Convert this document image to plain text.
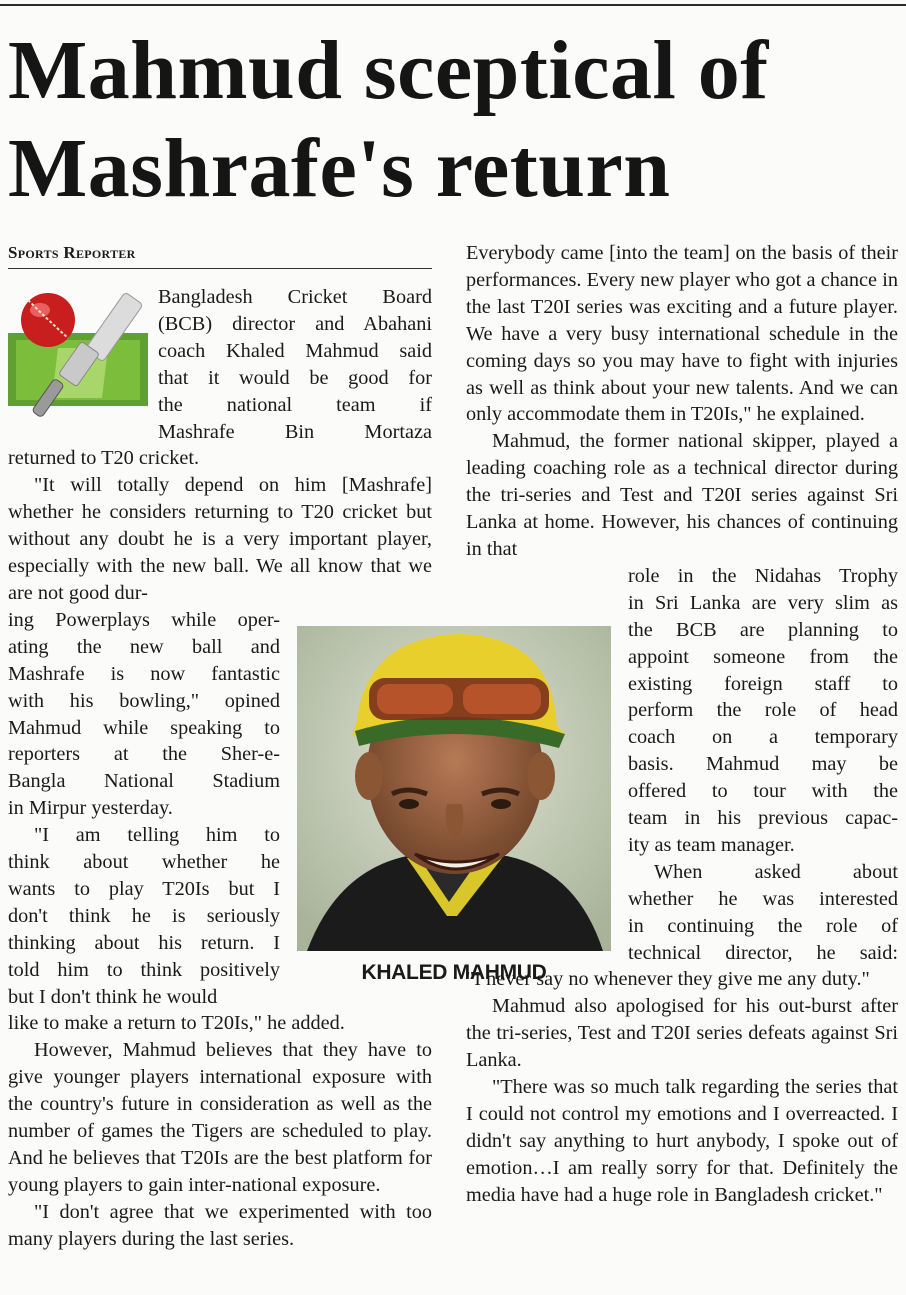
Mahmud sceptical of
Mashrafe's return
Sports Reporter
Bangladesh Cricket Board
(BCB) director and Abahani
coach Khaled Mahmud said
that it would be good for
the national team if
Mashrafe Bin Mortaza

returned to T20 cricket.

"It will totally depend on him [Mashrafe] whether he considers returning to T20 cricket but without any doubt he is a very important player, especially with the new ball. We all know that we are not good dur-

ing Powerplays while oper-
ating the new ball and
Mashrafe is now fantastic
with his bowling," opined
Mahmud while speaking to
reporters at the Sher-e-
Bangla National Stadium
in Mirpur yesterday.
"I am telling him to
think about whether he
wants to play T20Is but I
don't think he is seriously
thinking about his return. I
told him to think positively
but I don't think he would

like to make a return to T20Is," he added.

However, Mahmud believes that they have to give younger players international exposure with the country's future in consideration as well as the number of games the Tigers are scheduled to play. And he believes that T20Is are the best platform for young players to gain inter-national exposure.

"I don't agree that we experimented with too many players during the last series.

Everybody came [into the team] on the basis of their performances. Every new player who got a chance in the last T20I series was exciting and a future player. We have a very busy international schedule in the coming days so you may have to fight with injuries as well as think about your new talents. And we can only accommodate them in T20Is," he explained.

Mahmud, the former national skipper, played a leading coaching role as a technical director during the tri-series and Test and T20I series against Sri Lanka at home. However, his chances of continuing in that

role in the Nidahas Trophy
in Sri Lanka are very slim as
the BCB are planning to
appoint someone from the
existing foreign staff to
perform the role of head
coach on a temporary
basis. Mahmud may be
offered to tour with the
team in his previous capac-
ity as team manager.
When asked about
whether he was interested
in continuing the role of
technical director, he said:

"I never say no whenever they give me any duty."

Mahmud also apologised for his out-burst after the tri-series, Test and T20I series defeats against Sri Lanka.

"There was so much talk regarding the series that I could not control my emotions and I overreacted. I didn't say anything to hurt anybody, I spoke out of emotion…I am really sorry for that. Definitely the media have had a huge role in Bangladesh cricket."

KHALED MAHMUD
